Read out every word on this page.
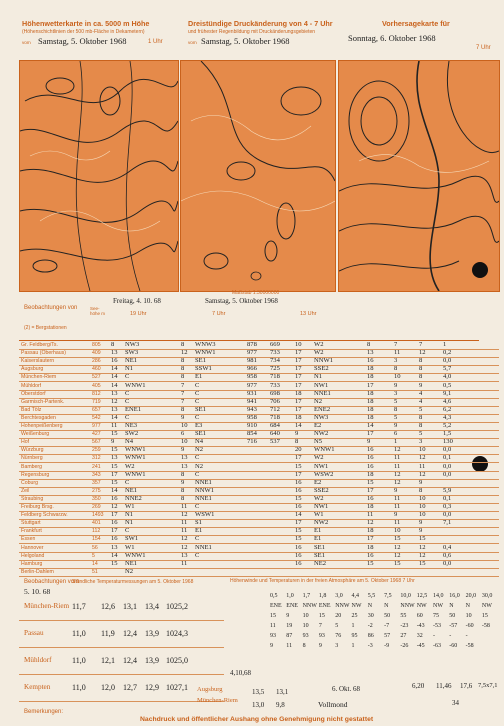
Höhenwetterkarte in ca. 5000 m Höhe
(Höhenschichtlinien der 500 mb-Fläche in Dekametern)
vom Samstag, 5. Oktober 1968	1 Uhr
Dreistündige Druckänderung von 4 - 7 Uhr
und frühester Regenbildung mit Druckänderungsgebieten
vom Samstag, 5. Oktober 1968
Vorhersagekarte für
Sonntag, 6. Oktober 1968
7 Uhr
Maßstab 1:30000000
Beobachtungen von
(2) = Bergstationen
See-höhe m
Freitag, 4. 10. 68	Samstag, 5. Oktober 1968
19 Uhr	7 Uhr	13 Uhr
Gr. Feldberg/Ts.	805 8 NW3	8 WNW3	878 669 10 W2	8	7	7	1
Passau (Oberhaus)	409 13 SW3	12 WNW1	977 733 17 W2	13	11	12	0,2
Kaiserslautern	286 16 NE1	8 SE1	981 734 17 NNW1	16	3	8	0,0
Augsburg	460 14 N1	8 SSW1	966 725 17 SSE2	18	8	8	5,7
München-Riem	527 14 C	8 E1	958 718 17 N1	18	10	8	4,0
Mühldorf	405 14 WNW1	7 C	977 733 17 NW1	17	9	9	0,5
Oberstdorf	812 13 C	7 C	931 698 18 NNE1	18	3	4	9,1
Garmisch-Partenk.	719 12 C	7 C	941 706 17 N2	18	5	4	4,6
Bad Tölz	657 13 ENE1	8 SE1	943 712 17 ENE2	18	8	5	6,2
Berchtesgaden	542 14 C	9 C	958 718 18 NW3	18	5	8	4,3
Hohenpeißenberg	977 11 NE3	10 E3	910 684 14 E2	14	9	8	5,2
Weißenburg	427 15 SW2	6 SE1	854 640 9 NW2	17	6	5	1,5
Hof	567 9 N4	10 N4	716 537 8 N5	9	1	3	130
Würzburg	259 15 WNW1	9 N2	20 WNW1	16	12	10	0,0
Nürnberg	312 13 WNW1	13 C	17 W2	16	11	12	0,1
Bamberg	241 15 W2	13 N2	15 NW1	16	11	11	0,0
Regensburg	343 17 WNW1	8 C	17 WSW2	18	12	12	0,0
Coburg	357 15 C	9 NNE1	16 E2	15	12	9
Zeil	275 14 NE1	8 NNW1	16 SSE2	17	9	8	5,9
Straubing	350 16 NNE2	8 NNE1	15 W2	16	11	10	0,1
Freiburg Brsg.	269 12 W1	11 C	16 NW1	18	11	10	0,3
Feldberg Schwarzw.	1493 17 N1	12 WSW1	14 W1	11	9	10	0,0
Stuttgart	401 16 N1	11 S1	17 NW2	12	11	9	7,1
Frankfurt	112 17 C	11 E1	15 E1	18	10	9
Essen	154 16 SW1	12 C	15 E1	17	15	15
Hannover	56 13 W1	12 NNE1	16 SE1	18	12	12	0,4
Helgoland	5 14 WNW1	13 C	16 SE1	16	12	12	0,6
Hamburg	14 15 NE1	11	16 NE2	15	15	15	0,0
Berlin-Dahlem	51	N2
Beobachtungen vom
5. 10. 68
Stündliche Temperaturmessungen am 5. Oktober 1968	Höhenwinde und Temperaturen in der freien Atmosphäre am 5. Oktober 1968 7 Uhr
München-Riem 11,7 12,6 13,1 13,4 1025,2
Passau	11,0 11,9 12,4 13,9 1024,3
Mühldorf	11,0 12,1 12,4 13,9 1025,0
Kempten	11,0 12,0 12,7 12,9 1027,1
0,5 1,0 1,7 1,8 3,0 4,4 5,5 7,5 10,0 12,5 14,0 16,0 20,0 30,0
ENE ENE NNW ENE NNW NW N N NNW NW NW N N NW
15 9 10 15 20 25 30 50 55 60 75 50 10 15
11 19 10 7 5 1 -2 -7 -23 -43 -53 -57 -60 -58
93 87 93 93 76 95 86 57 27 32 - - -
9 11 8 9 3 1 -3 -9 -26 -45 -63 -60 -58
4,10,68
Augsburg
München-Riem
13,5 13,1
13,0 9,8	Vollmond
6. Okt. 68	6,20 11,46 17,6 7,5x7,1
34
Bemerkungen:
Nachdruck und öffentlicher Aushang ohne Genehmigung nicht gestattet
